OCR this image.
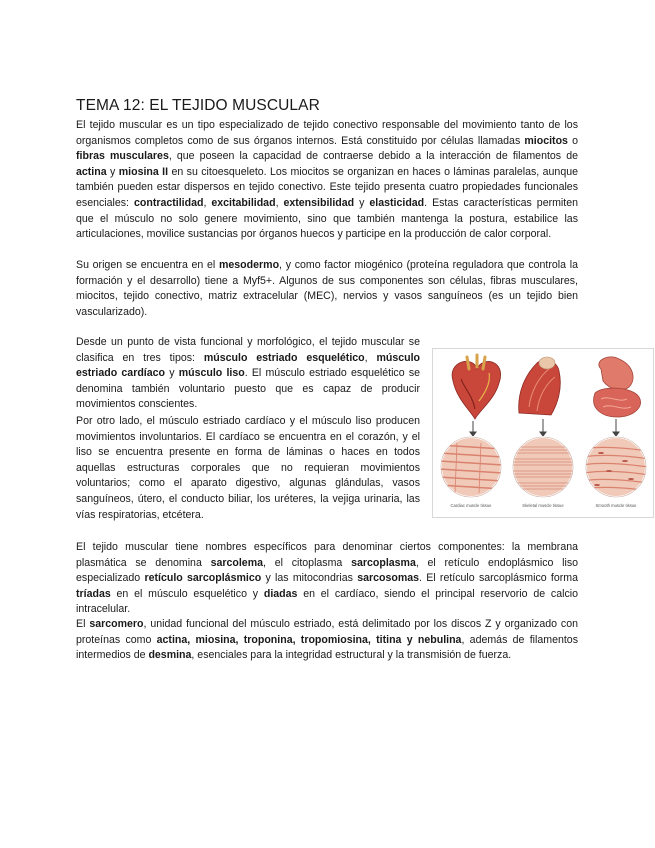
TEMA 12: EL TEJIDO MUSCULAR

El tejido muscular es un tipo especializado de tejido conectivo responsable del movimiento tanto de los organismos completos como de sus órganos internos. Está constituido por células llamadas miocitos o fibras musculares, que poseen la capacidad de contraerse debido a la interacción de filamentos de actina y miosina II en su citoesqueleto. Los miocitos se organizan en haces o láminas paralelas, aunque también pueden estar dispersos en tejido conectivo. Este tejido presenta cuatro propiedades funcionales esenciales: contractilidad, excitabilidad, extensibilidad y elasticidad. Estas características permiten que el músculo no solo genere movimiento, sino que también mantenga la postura, estabilice las articulaciones, movilice sustancias por órganos huecos y participe en la producción de calor corporal.

Su origen se encuentra en el mesodermo, y como factor miogénico (proteína reguladora que controla la formación y el desarrollo) tiene a Myf5+. Algunos de sus componentes son células, fibras musculares, miocitos, tejido conectivo, matriz extracelular (MEC), nervios y vasos sanguíneos (es un tejido bien vascularizado).

Desde un punto de vista funcional y morfológico, el tejido muscular se clasifica en tres tipos: músculo estriado esquelético, músculo estriado cardíaco y músculo liso. El músculo estriado esquelético se denomina también voluntario puesto que es capaz de producir movimientos conscientes.

Por otro lado, el músculo estriado cardíaco y el músculo liso producen movimientos involuntarios. El cardíaco se encuentra en el corazón, y el liso se encuentra presente en forma de láminas o haces en todos aquellas estructuras corporales que no requieran movimientos voluntarios; como el aparato digestivo, algunas glándulas, vasos sanguíneos, útero, el conducto biliar, los uréteres, la vejiga urinaria, las vías respiratorias, etcétera.

Cardiac muscle tissue	Skeletal muscle tissue	Smooth muscle tissue

El tejido muscular tiene nombres específicos para denominar ciertos componentes: la membrana plasmática se denomina sarcolema, el citoplasma sarcoplasma, el retículo endoplásmico liso especializado retículo sarcoplásmico y las mitocondrias sarcosomas. El retículo sarcoplásmico forma tríadas en el músculo esquelético y diadas en el cardíaco, siendo el principal reservorio de calcio intracelular.

El sarcomero, unidad funcional del músculo estriado, está delimitado por los discos Z y organizado con proteínas como actina, miosina, troponina, tropomiosina, titina y nebulina, además de filamentos intermedios de desmina, esenciales para la integridad estructural y la transmisión de fuerza.
